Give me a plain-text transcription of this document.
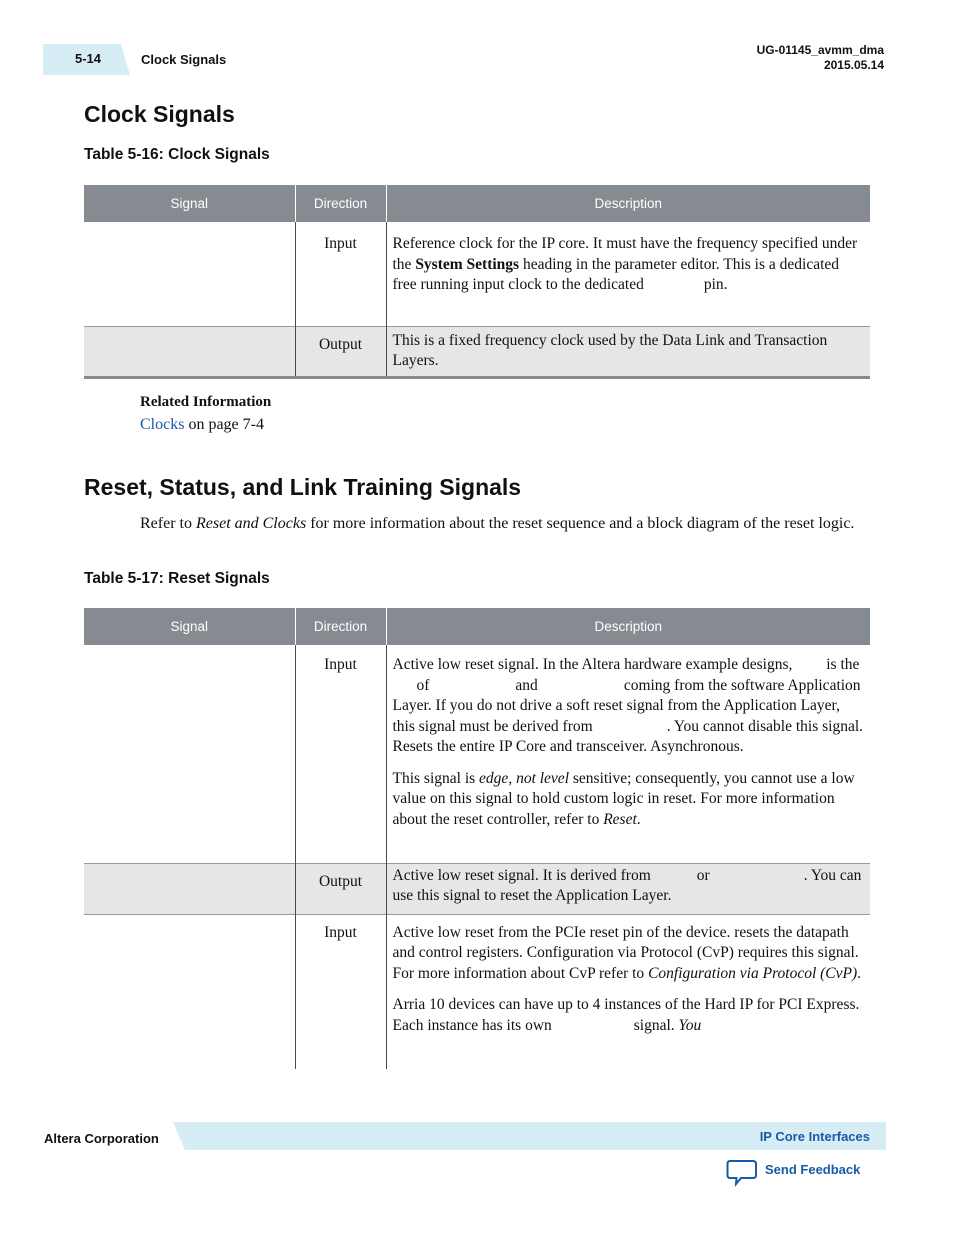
5-14	Clock Signals
UG-01145_avmm_dma
2015.05.14
Clock Signals
Table 5-16: Clock Signals
Signal	Direction	Description
	Input	Reference clock for the IP core. It must have the frequency specified under the System Settings heading in the parameter editor. This is a dedicated free running input clock to the dedicated pin.
	Output	This is a fixed frequency clock used by the Data Link and Transaction Layers.
Related Information
Clocks on page 7-4
Reset, Status, and Link Training Signals
Refer to Reset and Clocks for more information about the reset sequence and a block diagram of the reset logic.
Table 5-17: Reset Signals
Signal	Direction	Description
	Input	Active low reset signal. In the Altera hardware example designs, is theof and coming from the software Application Layer. If you do not drive a soft reset signal from the Application Layer, this signal must be derived from . You cannot disable this signal. Resets the entire IP Core and transceiver. Asynchronous.

This signal is edge, not level sensitive; consequently, you cannot use a low value on this signal to hold custom logic in reset. For more information about the reset controller, refer to Reset.

	Output	Active low reset signal. It is derived from or . You can use this signal to reset the Application Layer.
	Input	Active low reset from the PCIe reset pin of the device. resets the datapath and control registers. Configuration via Protocol (CvP) requires this signal. For more information about CvP refer to Configuration via Protocol (CvP).

Arria 10 devices can have up to 4 instances of the Hard IP for PCI Express. Each instance has its own signal. You

Altera Corporation	IP Core Interfaces
Send Feedback
